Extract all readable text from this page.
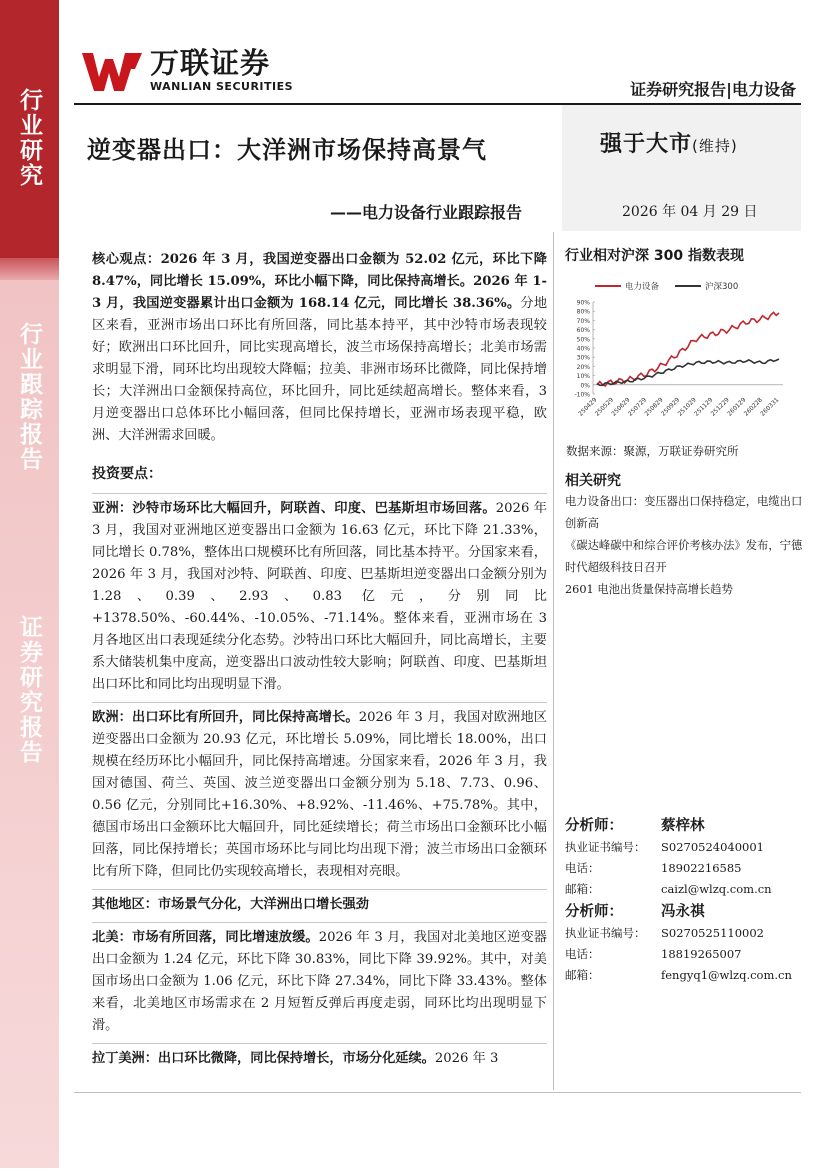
行业研究
行业跟踪报告
证券研究报告
万联证券
WANLIAN SECURITIES	证券研究报告|电力设备
逆变器出口：大洋洲市场保持高景气
——电力设备行业跟踪报告
强于大市(维持)
2026 年 04 月 29 日

核心观点：2026 年 3 月，我国逆变器出口金额为 52.02 亿元，环比下降 8.47%，同比增长 15.09%，环比小幅下降，同比保持高增长。2026 年 1-3 月，我国逆变器累计出口金额为 168.14 亿元，同比增长 38.36%。分地区来看，亚洲市场出口环比有所回落，同比基本持平，其中沙特市场表现较好；欧洲出口环比回升，同比实现高增长，波兰市场保持高增长；北美市场需求明显下滑，同环比均出现较大降幅；拉美、非洲市场环比微降，同比保持增长；大洋洲出口金额保持高位，环比回升，同比延续超高增长。整体来看，3 月逆变器出口总体环比小幅回落，但同比保持增长，亚洲市场表现平稳，欧洲、大洋洲需求回暖。

投资要点：

亚洲：沙特市场环比大幅回升，阿联酋、印度、巴基斯坦市场回落。2026 年 3 月，我国对亚洲地区逆变器出口金额为 16.63 亿元，环比下降 21.33%，同比增长 0.78%，整体出口规模环比有所回落，同比基本持平。分国家来看，2026 年 3 月，我国对沙特、阿联酋、印度、巴基斯坦逆变器出口金额分别为 1.28、0.39、2.93、0.83 亿元，分别同比+1378.50%、-60.44%、-10.05%、-71.14%。整体来看，亚洲市场在 3 月各地区出口表现延续分化态势。沙特出口环比大幅回升，同比高增长，主要系大储装机集中度高，逆变器出口波动性较大影响；阿联酋、印度、巴基斯坦出口环比和同比均出现明显下滑。

欧洲：出口环比有所回升，同比保持高增长。2026 年 3 月，我国对欧洲地区逆变器出口金额为 20.93 亿元，环比增长 5.09%，同比增长 18.00%，出口规模在经历环比小幅回升，同比保持高增速。分国家来看，2026 年 3 月，我国对德国、荷兰、英国、波兰逆变器出口金额分别为 5.18、7.73、0.96、0.56 亿元，分别同比+16.30%、+8.92%、-11.46%、+75.78%。其中，德国市场出口金额环比大幅回升，同比延续增长；荷兰市场出口金额环比小幅回落，同比保持增长；英国市场环比与同比均出现下滑；波兰市场出口金额环比有所下降，但同比仍实现较高增长，表现相对亮眼。

其他地区：市场景气分化，大洋洲出口增长强劲

北美：市场有所回落，同比增速放缓。2026 年 3 月，我国对北美地区逆变器出口金额为 1.24 亿元，环比下降 30.83%，同比下降 39.92%。其中，对美国市场出口金额为 1.06 亿元，环比下降 27.34%，同比下降 33.43%。整体来看，北美地区市场需求在 2 月短暂反弹后再度走弱，同环比均出现明显下滑。

拉丁美洲：出口环比微降，同比保持增长，市场分化延续。2026 年 3

行业相对沪深 300 指数表现
电力设备	沪深300
-10%
0%
10%
20%
30%
40%
50%
60%
70%
80%
90%
250429
250529
250629
250729
250829
250929
251029
251129
251229
260129
260228
260331
数据来源：聚源，万联证券研究所
相关研究
电力设备出口：变压器出口保持稳定，电缆出口创新高
《碳达峰碳中和综合评价考核办法》发布，宁德时代超级科技日召开
2601 电池出货量保持高增长趋势
分析师：	蔡梓林
执业证书编号：	S0270524040001
电话：	18902216585
邮箱：	caizl@wlzq.com.cn
分析师：	冯永祺
执业证书编号：	S0270525110002
电话：	18819265007
邮箱：	fengyq1@wlzq.com.cn
